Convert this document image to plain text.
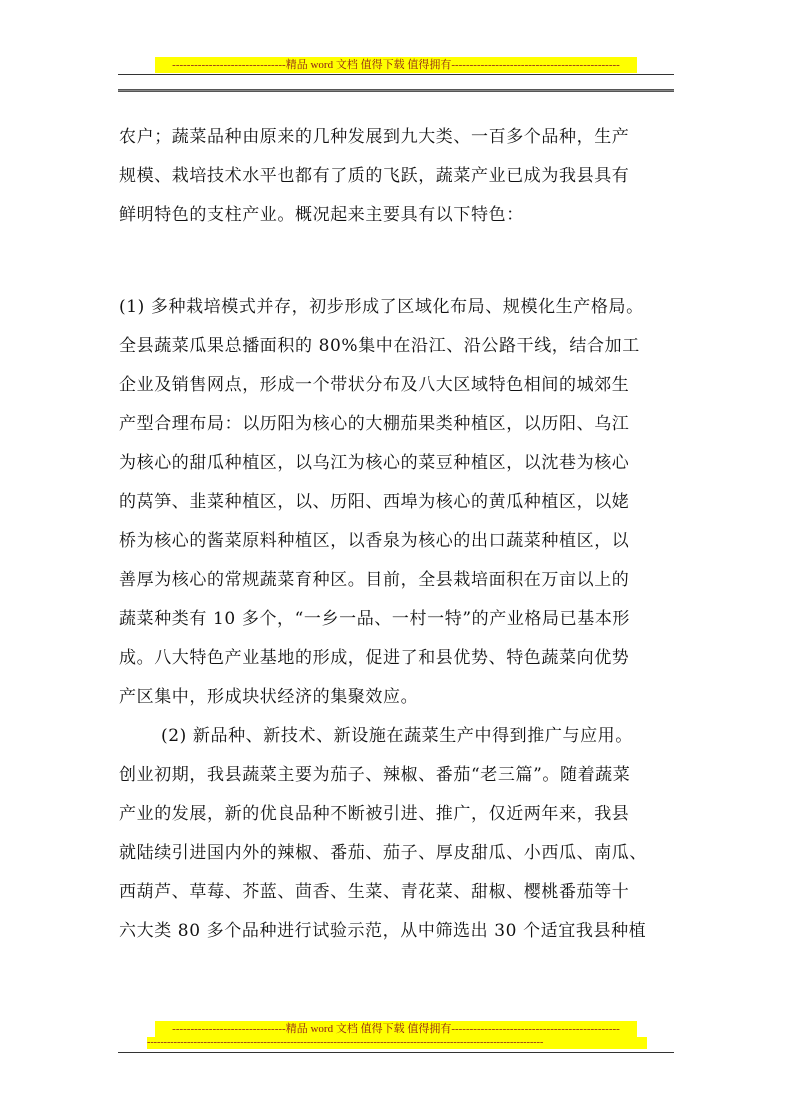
-------------------------------精品 word 文档 值得下载 值得拥有----------------------------------------------
农户；蔬菜品种由原来的几种发展到九大类、一百多个品种，生产
规模、栽培技术水平也都有了质的飞跃，蔬菜产业已成为我县具有
鲜明特色的支柱产业。概况起来主要具有以下特色：
(1) 多种栽培模式并存，初步形成了区域化布局、规模化生产格局。
全县蔬菜瓜果总播面积的 80%集中在沿江、沿公路干线，结合加工
企业及销售网点，形成一个带状分布及八大区域特色相间的城郊生
产型合理布局：以历阳为核心的大棚茄果类种植区，以历阳、乌江
为核心的甜瓜种植区，以乌江为核心的菜豆种植区，以沈巷为核心
的莴笋、韭菜种植区，以、历阳、西埠为核心的黄瓜种植区，以姥
桥为核心的酱菜原料种植区，以香泉为核心的出口蔬菜种植区，以
善厚为核心的常规蔬菜育种区。目前，全县栽培面积在万亩以上的
蔬菜种类有 10 多个，“一乡一品、一村一特”的产业格局已基本形
成。八大特色产业基地的形成，促进了和县优势、特色蔬菜向优势
产区集中，形成块状经济的集聚效应。
(2) 新品种、新技术、新设施在蔬菜生产中得到推广与应用。
创业初期，我县蔬菜主要为茄子、辣椒、番茄“老三篇”。随着蔬菜
产业的发展，新的优良品种不断被引进、推广，仅近两年来，我县
就陆续引进国内外的辣椒、番茄、茄子、厚皮甜瓜、小西瓜、南瓜、
西葫芦、草莓、芥蓝、茴香、生菜、青花菜、甜椒、樱桃番茄等十
六大类 80 多个品种进行试验示范，从中筛选出 30 个适宜我县种植
-------------------------------精品 word 文档 值得下载 值得拥有----------------------------------------------
-----------------------------------------------------------------------------------------------------------------------
